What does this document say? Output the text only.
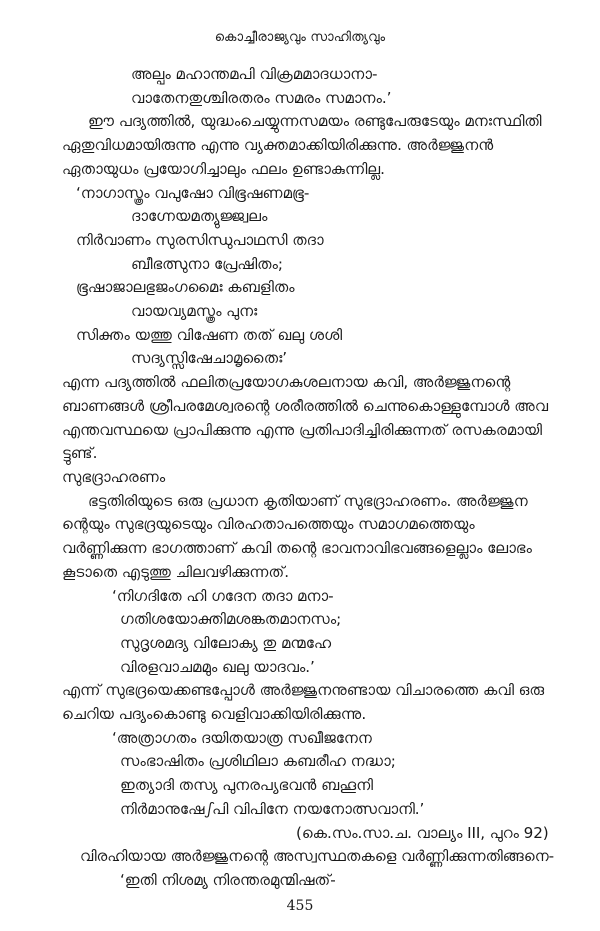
കൊച്ചീരാജ്യവും സാഹിത്യവും
അല്പം മഹാന്തമപി വിക്രമമാദധാനാ-
വാതേനതുശ്ചിരതരം സമരം സമാനം.’
ഈ പദ്യത്തിൽ, യുദ്ധംചെയ്യുന്നസമയം രണ്ടുപേരുടേയും മനഃസ്ഥിതി
ഏതുവിധമായിരുന്നു എന്നു വ്യക്തമാക്കിയിരിക്കുന്നു. അർജ്ജുനൻ
ഏതായുധം പ്രയോഗിച്ചാലും ഫലം ഉണ്ടാകുന്നില്ല.
‘നാഗാസ്ത്രം വപുഷോ വിഭൂഷണമഭൂ-
ദാഗ്നേയമത്യുജ്ജ്വലം
നിർവാണം സുരസിന്ധുപാഥസി തദാ
ബീഭത്സുനാ പ്രേഷിതം;
ഭൂഷാജാലഭുജംഗമൈഃ കബളിതം
വായവ്യമസ്ത്രം പുനഃ
സിക്തം യത്തു വിഷേണ തത് ഖലു ശശി
സദ്യസ്സിഷേചാമൃതൈഃ’
എന്ന പദ്യത്തിൽ ഫലിതപ്രയോഗകുശലനായ കവി, അർജ്ജുനന്റെ
ബാണങ്ങൾ ശ്രീപരമേശ്വരന്റെ ശരീരത്തിൽ ചെന്നുകൊള്ളുമ്പോൾ അവ
എന്തവസ്ഥയെ പ്രാപിക്കുന്നു എന്നു പ്രതിപാദിച്ചിരിക്കുന്നത് രസകരമായി
ട്ടുണ്ട്.
സുഭദ്രാഹരണം
ഭട്ടതിരിയുടെ ഒരു പ്രധാന കൃതിയാണ് സുഭദ്രാഹരണം. അർജ്ജുന
ന്റെയും സുഭദ്രയുടെയും വിരഹതാപത്തെയും സമാഗമത്തെയും
വർണ്ണിക്കുന്ന ഭാഗത്താണ് കവി തന്റെ ഭാവനാവിഭവങ്ങളെല്ലാം ലോഭം
കൂടാതെ എടുത്തു ചിലവഴിക്കുന്നത്.
‘നിഗദിതേ ഹി ഗദേന തദാ മനാ-
ഗതിശയോക്തിമശങ്കതമാനസം;
സുദൃശമദ്യ വിലോക്യ തു മന്മഹേ
വിരളവാചമമും ഖലു യാദവം.’
എന്ന് സുഭദ്രയെക്കണ്ടപ്പോൾ അർജ്ജുനനുണ്ടായ വിചാരത്തെ കവി ഒരു
ചെറിയ പദ്യംകൊണ്ടു വെളിവാക്കിയിരിക്കുന്നു.
‘അത്രാഗതം ദയിതയാത്ര സഖീജനേന
സംഭാഷിതം പ്രശിഥിലാ കബരീഹ നദ്ധാ;
ഇത്യാദി തസ്യ പുനരപ്യഭവൻ ബഹൂനി
നിർമാനുഷേഽപി വിപിനേ നയനോത്സവാനി.’
(കെ.സം.സാ.ച. വാല്യം III, പുറം 92)
വിരഹിയായ അർജ്ജുനന്റെ അസ്വസ്ഥതകളെ വർണ്ണിക്കുന്നതിങ്ങനെ-
‘ഇതി നിശമ്യ നിരന്തരമുന്മിഷത്-
455
